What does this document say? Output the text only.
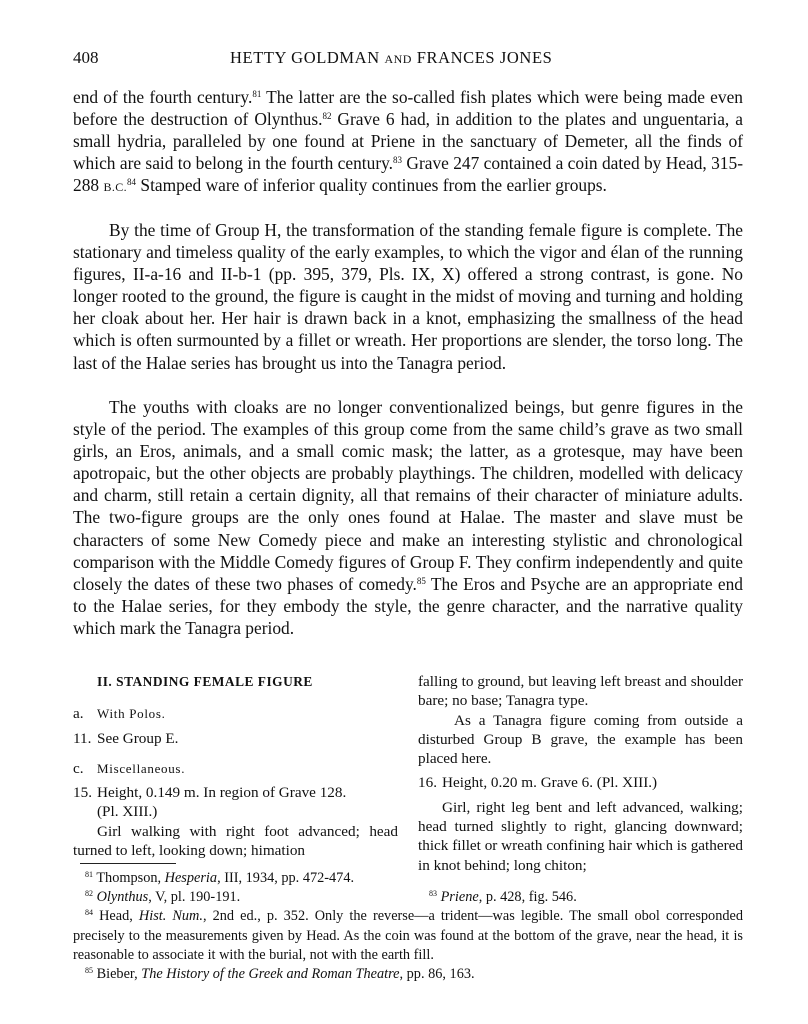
408	HETTY GOLDMAN AND FRANCES JONES

end of the fourth century.$^{81}$ The latter are the so-called fish plates which were being made even before the destruction of Olynthus.$^{82}$ Grave 6 had, in addition to the plates and unguentaria, a small hydria, paralleled by one found at Priene in the sanctuary of Demeter, all the finds of which are said to belong in the fourth century.$^{83}$ Grave 247 contained a coin dated by Head, 315-288 B.C.$^{84}$ Stamped ware of inferior quality continues from the earlier groups.

By the time of Group H, the transformation of the standing female figure is complete. The stationary and timeless quality of the early examples, to which the vigor and élan of the running figures, II-a-16 and II-b-1 (pp. 395, 379, Pls. IX, X) offered a strong contrast, is gone. No longer rooted to the ground, the figure is caught in the midst of moving and turning and holding her cloak about her. Her hair is drawn back in a knot, emphasizing the smallness of the head which is often surmounted by a fillet or wreath. Her proportions are slender, the torso long. The last of the Halae series has brought us into the Tanagra period.

The youths with cloaks are no longer conventionalized beings, but genre figures in the style of the period. The examples of this group come from the same child’s grave as two small girls, an Eros, animals, and a small comic mask; the latter, as a grotesque, may have been apotropaic, but the other objects are probably playthings. The children, modelled with delicacy and charm, still retain a certain dignity, all that remains of their character of miniature adults. The two-figure groups are the only ones found at Halae. The master and slave must be characters of some New Comedy piece and make an interesting stylistic and chronological comparison with the Middle Comedy figures of Group F. They confirm independently and quite closely the dates of these two phases of comedy.$^{85}$ The Eros and Psyche are an appropriate end to the Halae series, for they embody the style, the genre character, and the narrative quality which mark the Tanagra period.

II. STANDING FEMALE FIGURE
a.	With Polos.
11. See Group E.
c.	Miscellaneous.
15. Height, 0.149 m. In region of Grave 128.
(Pl. XIII.)

Girl walking with right foot advanced; head turned to left, looking down; himation

falling to ground, but leaving left breast and shoulder bare; no base; Tanagra type.

As a Tanagra figure coming from outside a disturbed Group B grave, the example has been placed here.

16. Height, 0.20 m. Grave 6. (Pl. XIII.)

Girl, right leg bent and left advanced, walking; head turned slightly to right, glancing downward; thick fillet or wreath confining hair which is gathered in knot behind; long chiton;

$^{81}$ Thompson, Hesperia, III, 1934, pp. 472-474.

$^{82}$ Olynthus, V, pl. 190-191.	$^{83}$ Priene, p. 428, fig. 546.

$^{84}$ Head, Hist. Num., 2nd ed., p. 352. Only the reverse—a trident—was legible. The small obol corresponded precisely to the measurements given by Head. As the coin was found at the bottom of the grave, near the head, it is reasonable to associate it with the burial, not with the earth fill.

$^{85}$ Bieber, The History of the Greek and Roman Theatre, pp. 86, 163.
